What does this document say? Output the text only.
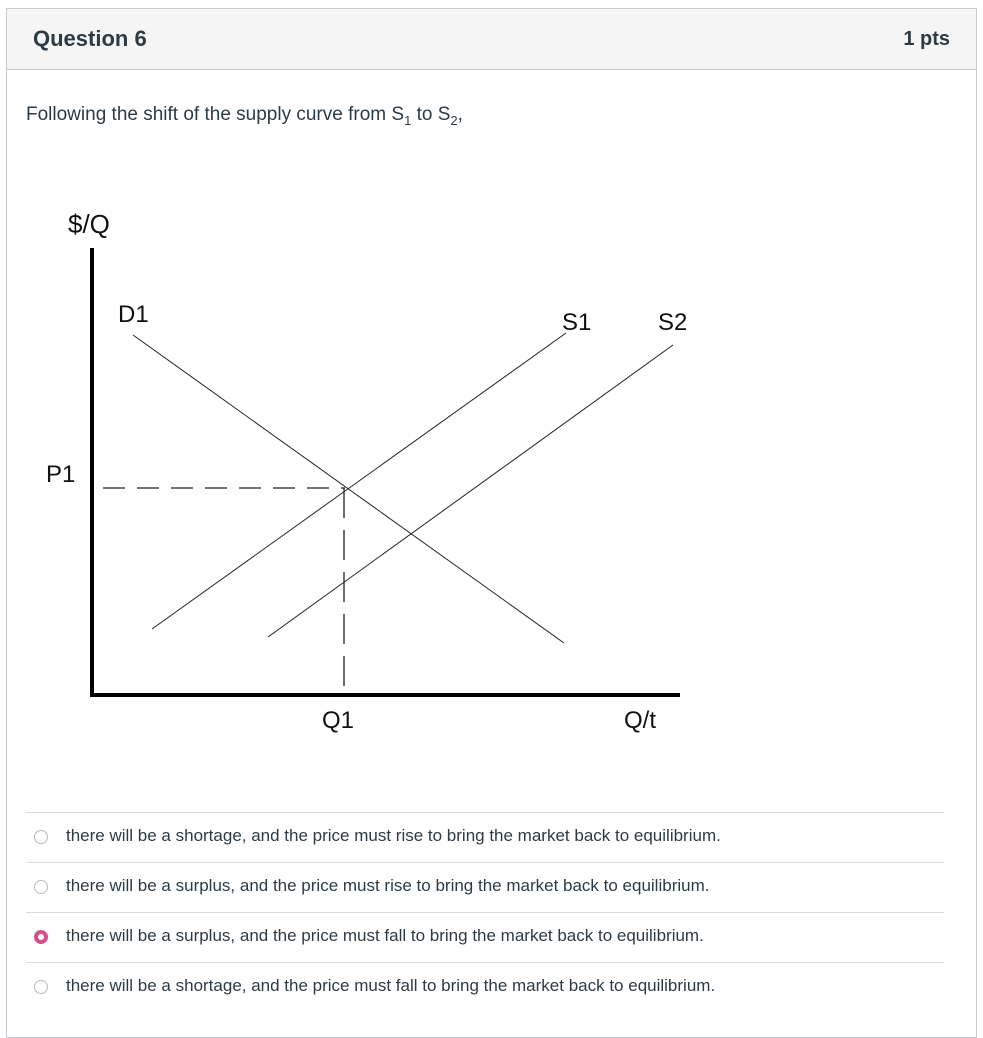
Question 6	1 pts
Following the shift of the supply curve from $S_1$ to $S_2$,
$/Q
D1	S1	S2
P1
Q1	Q/t
there will be a shortage, and the price must rise to bring the market back to equilibrium.
there will be a surplus, and the price must rise to bring the market back to equilibrium.
there will be a surplus, and the price must fall to bring the market back to equilibrium.
there will be a shortage, and the price must fall to bring the market back to equilibrium.
